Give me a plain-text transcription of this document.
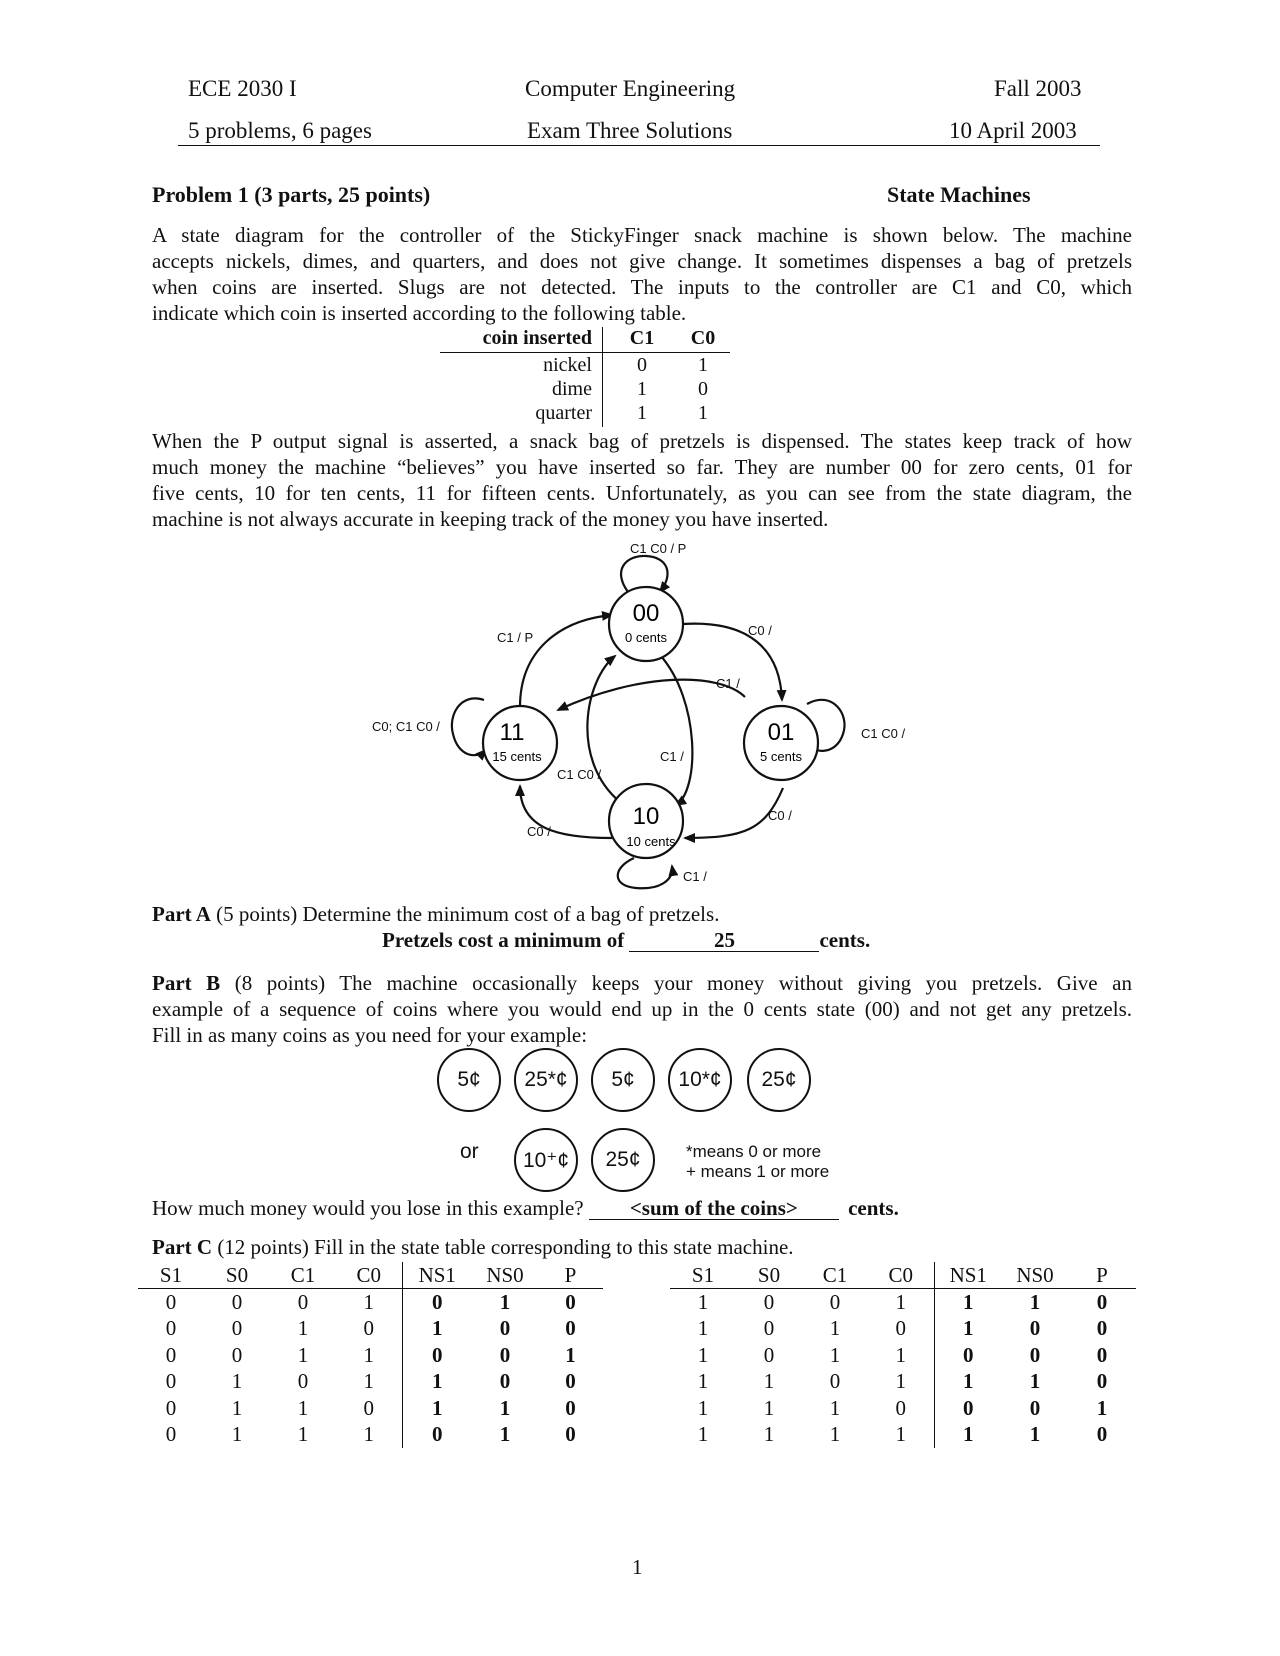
ECE 2030 I	Computer Engineering	Fall 2003
5 problems, 6 pages	Exam Three Solutions	10 April 2003
Problem 1 (3 parts, 25 points)	State Machines
A state diagram for the controller of the StickyFinger snack machine is shown below. The machine
accepts nickels, dimes, and quarters, and does not give change. It sometimes dispenses a bag of pretzels
when coins are inserted. Slugs are not detected. The inputs to the controller are C1 and C0, which
indicate which coin is inserted according to the following table.
coin inserted	C1	C0
nickel	0	1
dime	1	0
quarter	1	1
When the P output signal is asserted, a snack bag of pretzels is dispensed. The states keep track of how
much money the machine “believes” you have inserted so far. They are number 00 for zero cents, 01 for
five cents, 10 for ten cents, 11 for fifteen cents. Unfortunately, as you can see from the state diagram, the
machine is not always accurate in keeping track of the money you have inserted.
00
0 cents
01
5 cents
11
15 cents
10
10 cents
C1 C0 / P
C1 / P	C0 /
C1 /
C1 C0 /
C0; C1 C0 /
C1 /
C1 C0 /
C0 /
C0 /
C1 /
Part A (5 points) Determine the minimum cost of a bag of pretzels.
Pretzels cost a minimum of	25	cents.
Part B (8 points) The machine occasionally keeps your money without giving you pretzels. Give an
example of a sequence of coins where you would end up in the 0 cents state (00) and not get any pretzels.
Fill in as many coins as you need for your example:
5¢	25*¢	5¢	10*¢	25¢
or	10⁺¢	25¢	*means 0 or more
+ means 1 or more
How much money would you lose in this example? <sum of the coins> cents.
Part C (12 points) Fill in the state table corresponding to this state machine.
S1	S0	C1	C0	NS1	NS0	P
0	0	0	1	0	1	0
0	0	1	0	1	0	0
0	0	1	1	0	0	1
0	1	0	1	1	0	0
0	1	1	0	1	1	0
0	1	1	1	0	1	0
S1	S0	C1	C0	NS1	NS0	P
1	0	0	1	1	1	0
1	0	1	0	1	0	0
1	0	1	1	0	0	0
1	1	0	1	1	1	0
1	1	1	0	0	0	1
1	1	1	1	1	1	0
1
